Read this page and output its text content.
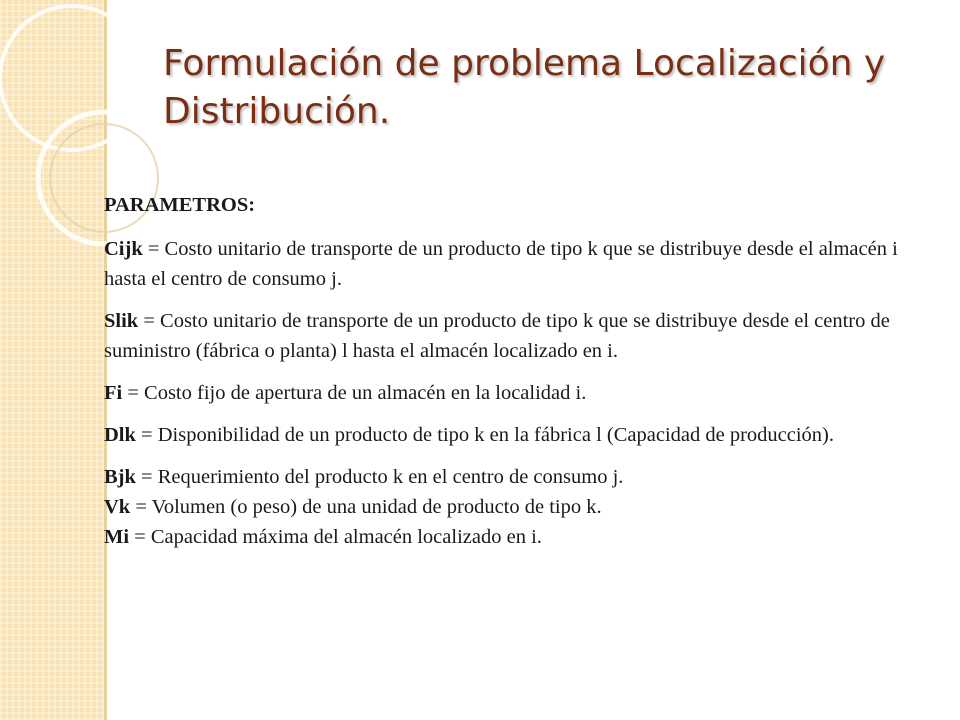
Formulación de problema Localización y Distribución.

PARAMETROS:

Cijk = Costo unitario de transporte de un producto de tipo k que se distribuye desde el almacén i hasta el centro de consumo j.

Slik = Costo unitario de transporte de un producto de tipo k que se distribuye desde el centro de suministro (fábrica o planta) l hasta el almacén localizado en i.

Fi = Costo fijo de apertura de un almacén en la localidad i.

Dlk = Disponibilidad de un producto de tipo k en la fábrica l (Capacidad de producción).

Bjk = Requerimiento del producto k en el centro de consumo j.

Vk = Volumen (o peso) de una unidad de producto de tipo k.

Mi = Capacidad máxima del almacén localizado en i.
